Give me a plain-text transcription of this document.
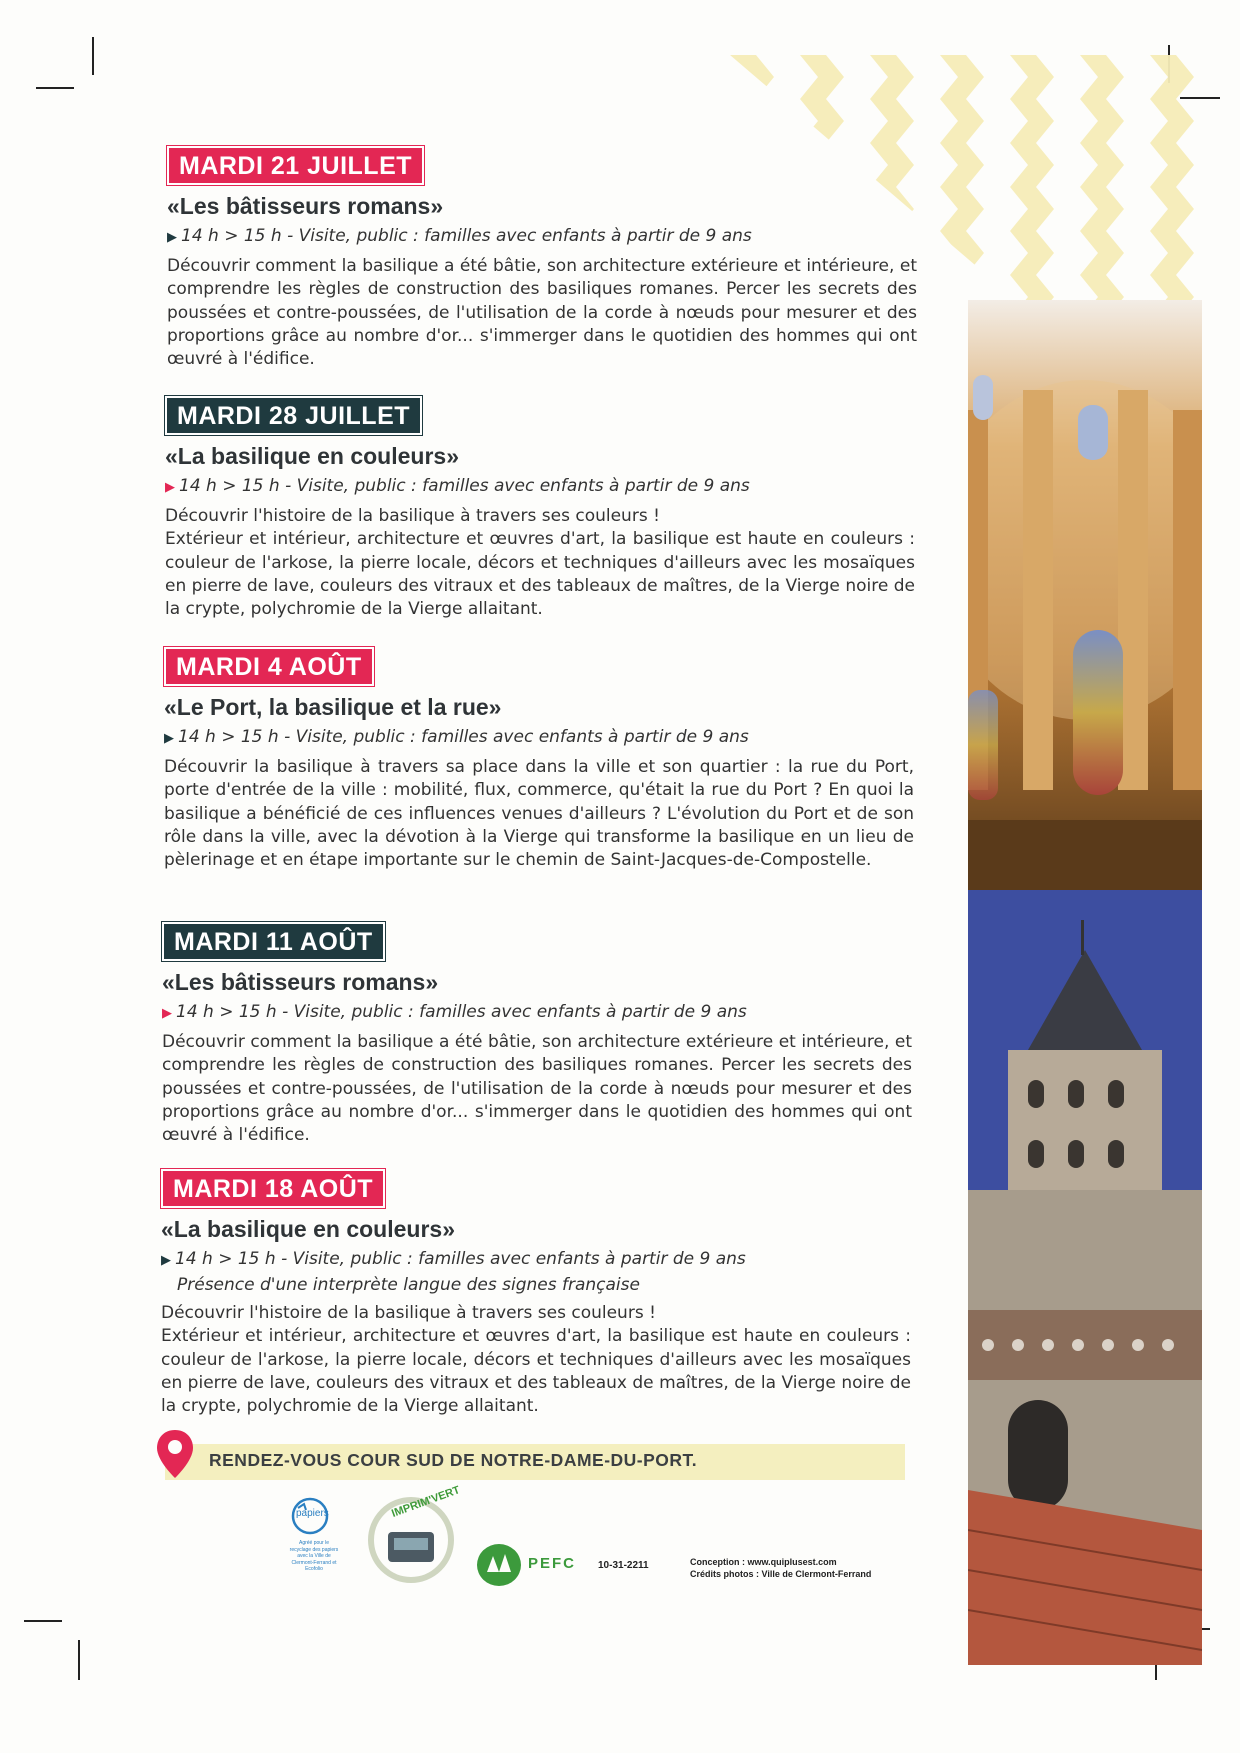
MARDI 21 JUILLET
«Les bâtisseurs romans»
▶ 14 h > 15 h - Visite, public : familles avec enfants à partir de 9 ans

Découvrir comment la basilique a été bâtie, son architecture extérieure et intérieure, et comprendre les règles de construction des basiliques romanes. Percer les secrets des poussées et contre-poussées, de l'utilisation de la corde à nœuds pour mesurer et des proportions grâce au nombre d'or... s'immerger dans le quotidien des hommes qui ont œuvré à l'édifice.

MARDI 28 JUILLET
«La basilique en couleurs»
▶ 14 h > 15 h - Visite, public : familles avec enfants à partir de 9 ans

Découvrir l'histoire de la basilique à travers ses couleurs !

Extérieur et intérieur, architecture et œuvres d'art, la basilique est haute en couleurs : couleur de l'arkose, la pierre locale, décors et techniques d'ailleurs avec les mosaïques en pierre de lave, couleurs des vitraux et des tableaux de maîtres, de la Vierge noire de la crypte, polychromie de la Vierge allaitant.

MARDI 4 AOÛT
«Le Port, la basilique et la rue»
▶ 14 h > 15 h - Visite, public : familles avec enfants à partir de 9 ans

Découvrir la basilique à travers sa place dans la ville et son quartier : la rue du Port, porte d'entrée de la ville : mobilité, flux, commerce, qu'était la rue du Port ? En quoi la basilique a bénéficié de ces influences venues d'ailleurs ? L'évolution du Port et de son rôle dans la ville, avec la dévotion à la Vierge qui transforme la basilique en un lieu de pèlerinage et en étape importante sur le chemin de Saint-Jacques-de-Compostelle.

MARDI 11 AOÛT
«Les bâtisseurs romans»
▶ 14 h > 15 h - Visite, public : familles avec enfants à partir de 9 ans

Découvrir comment la basilique a été bâtie, son architecture extérieure et intérieure, et comprendre les règles de construction des basiliques romanes. Percer les secrets des poussées et contre-poussées, de l'utilisation de la corde à nœuds pour mesurer et des proportions grâce au nombre d'or... s'immerger dans le quotidien des hommes qui ont œuvré à l'édifice.

MARDI 18 AOÛT
«La basilique en couleurs»
▶ 14 h > 15 h - Visite, public : familles avec enfants à partir de 9 ans
Présence d'une interprète langue des signes française

Découvrir l'histoire de la basilique à travers ses couleurs !

Extérieur et intérieur, architecture et œuvres d'art, la basilique est haute en couleurs : couleur de l'arkose, la pierre locale, décors et techniques d'ailleurs avec les mosaïques en pierre de lave, couleurs des vitraux et des tableaux de maîtres, de la Vierge noire de la crypte, polychromie de la Vierge allaitant.

RENDEZ-VOUS COUR SUD DE NOTRE-DAME-DU-PORT.
papiers
Agréé pour le recyclage des papiers avec la Ville de Clermont-Ferrand et Ecofolio
IMPRIM'VERT
PEFC 10-31-2211	Conception : www.quiplusest.com
Crédits photos : Ville de Clermont-Ferrand
